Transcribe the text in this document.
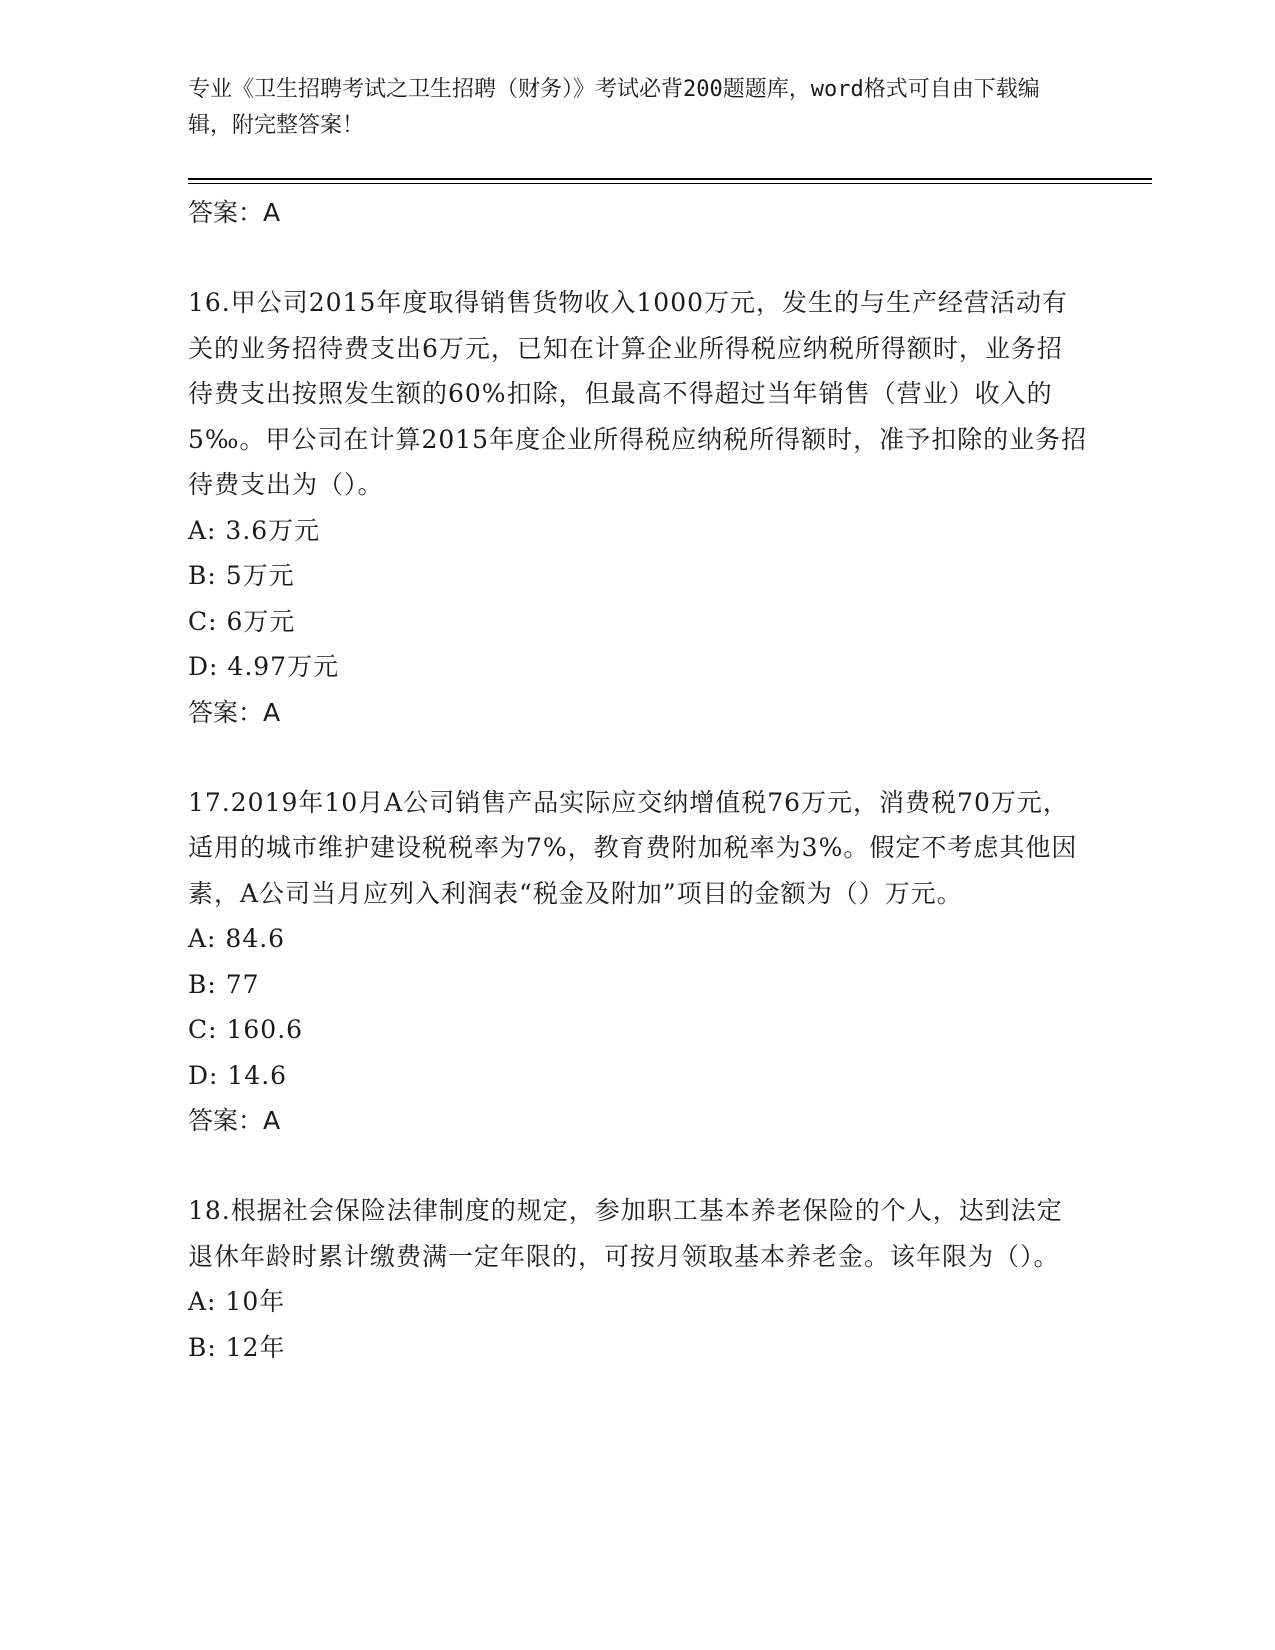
专业《卫生招聘考试之卫生招聘（财务）》考试必背200题题库，word格式可自由下载编辑，附完整答案！
答案：A
16.甲公司2015年度取得销售货物收入1000万元，发生的与生产经营活动有关的业务招待费支出6万元，已知在计算企业所得税应纳税所得额时，业务招待费支出按照发生额的60%扣除，但最高不得超过当年销售（营业）收入的5‰。甲公司在计算2015年度企业所得税应纳税所得额时，准予扣除的业务招待费支出为（）。
A: 3.6万元
B: 5万元
C: 6万元
D: 4.97万元
答案：A
17.2019年10月A公司销售产品实际应交纳增值税76万元，消费税70万元，适用的城市维护建设税税率为7%，教育费附加税率为3%。假定不考虑其他因素，A公司当月应列入利润表“税金及附加”项目的金额为（）万元。
A: 84.6
B: 77
C: 160.6
D: 14.6
答案：A
18.根据社会保险法律制度的规定，参加职工基本养老保险的个人，达到法定退休年龄时累计缴费满一定年限的，可按月领取基本养老金。该年限为（）。
A: 10年
B: 12年
